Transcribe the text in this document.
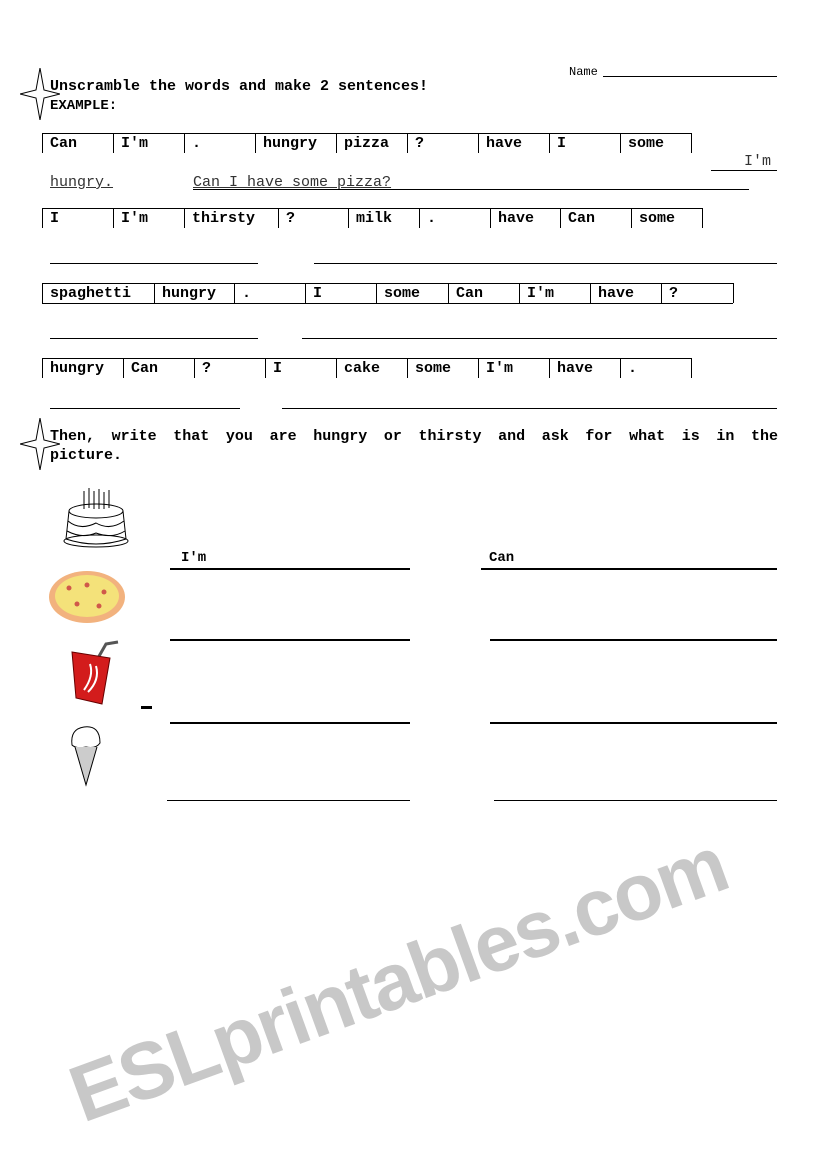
ESLprintables.com
Name
Unscramble the words and make 2 sentences!
EXAMPLE:
Can	I'm	.	hungry	pizza	?	have	I	some
I'm
hungry.	Can I have some pizza?
I	I'm	thirsty	?	milk	.	have	Can	some
spaghetti	hungry	.	I	some	Can	I'm	have	?
hungry	Can	?	I	cake	some	I'm	have	.
Then, write that you are hungry or thirsty and ask for what is in the
picture.
I'm	Can
